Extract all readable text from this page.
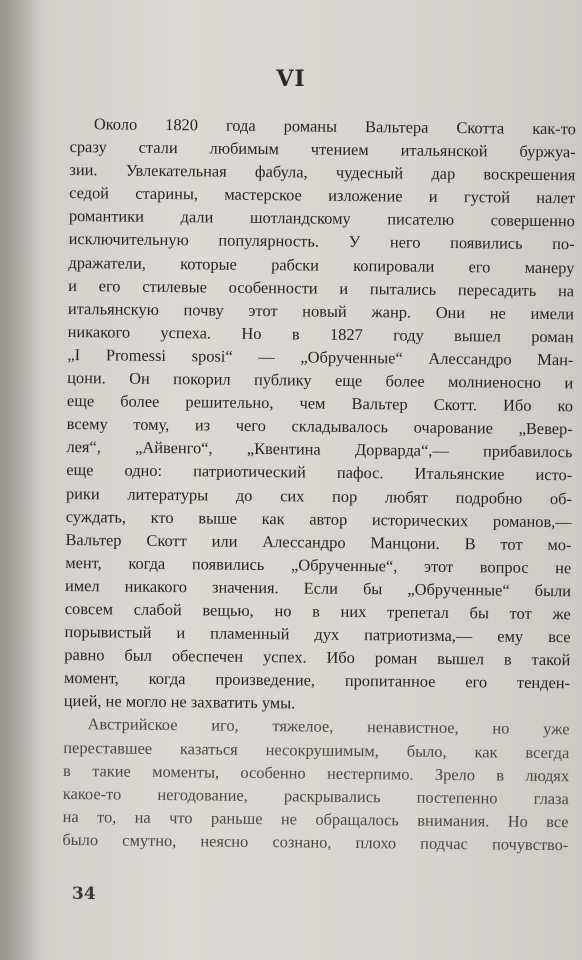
VI
Около 1820 года романы Вальтера Скотта как-то
сразу стали любимым чтением итальянской буржуа-
зии. Увлекательная фабула, чудесный дар воскрешения
седой старины, мастерское изложение и густой налет
романтики дали шотландскому писателю совершенно
исключительную популярность. У него появились по-
дражатели, которые рабски копировали его манеру
и его стилевые особенности и пытались пересадить на
итальянскую почву этот новый жанр. Они не имели
никакого успеха. Но в 1827 году вышел роман
„I Promessi sposi“ — „Обрученные“ Алессандро Ман-
цони. Он покорил публику еще более молниеносно и
еще более решительно, чем Вальтер Скотт. Ибо ко
всему тому, из чего складывалось очарование „Вевер-
лея“, „Айвенго“, „Квентина Дорварда“,— прибавилось
еще одно: патриотический пафос. Итальянские исто-
рики литературы до сих пор любят подробно об-
суждать, кто выше как автор исторических романов,—
Вальтер Скотт или Алессандро Манцони. В тот мо-
мент, когда появились „Обрученные“, этот вопрос не
имел никакого значения. Если бы „Обрученные“ были
совсем слабой вещью, но в них трепетал бы тот же
порывистый и пламенный дух патриотизма,— ему все
равно был обеспечен успех. Ибо роман вышел в такой
момент, когда произведение, пропитанное его тенден-
цией, не могло не захватить умы.
Австрийское иго, тяжелое, ненавистное, но уже
переставшее казаться несокрушимым, было, как всегда
в такие моменты, особенно нестерпимо. Зрело в людях
какое-то негодование, раскрывались постепенно глаза
на то, на что раньше не обращалось внимания. Но все
было смутно, неясно сознано, плохо подчас почувство-
34
